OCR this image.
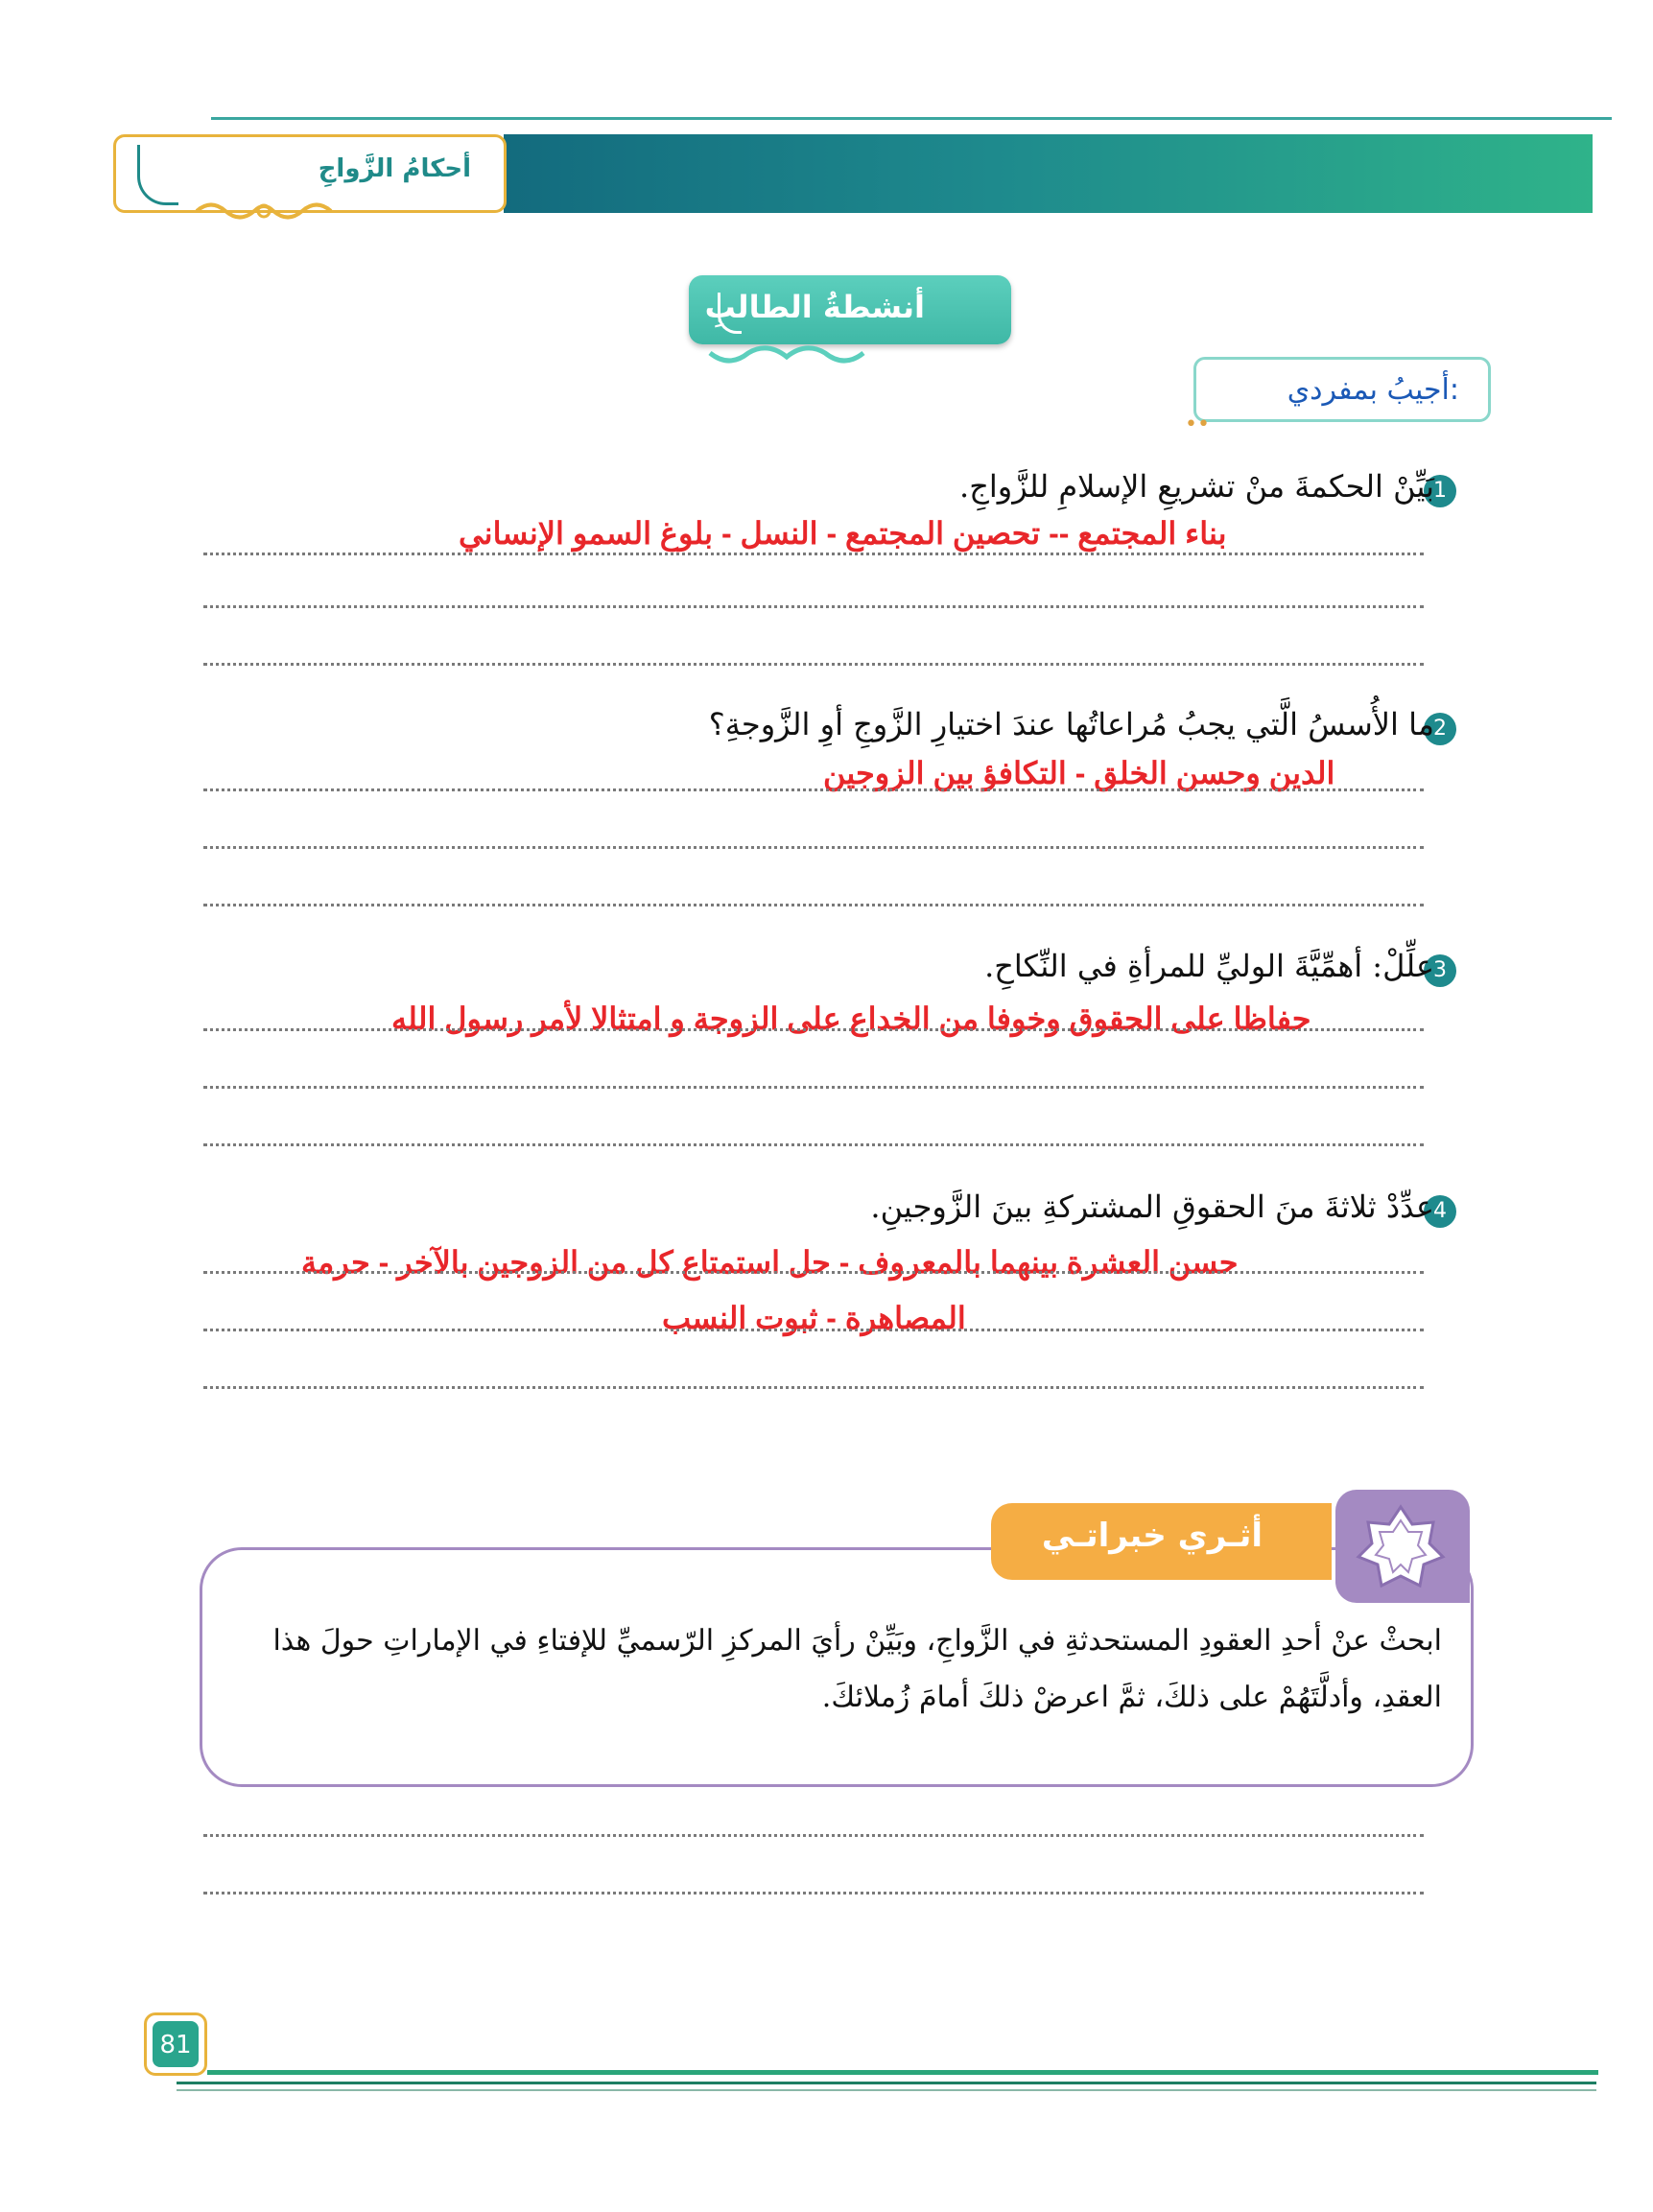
أحكامُ الزَّواجِ
أنشطةُ الطالبِ
أجيبُ بمفردي:
••
1
بَيِّنْ الحكمةَ منْ تشريعِ الإسلامِ للزَّواجِ.
بناء المجتمع -- تحصين المجتمع - النسل - بلوغ السمو الإنساني
2
ما الأُسسُ الَّتي يجبُ مُراعاتُها عندَ اختيارِ الزَّوجِ أوِ الزَّوجةِ؟
الدين وحسن الخلق - التكافؤ بين الزوجين
3
علِّلْ: أهمِّيَّةَ الوليِّ للمرأةِ في النِّكاحِ.
حفاظا على الحقوق وخوفا من الخداع على الزوجة و امتثالا لأمر رسول الله
4
عدِّدْ ثلاثةَ منَ الحقوقِ المشتركةِ بينَ الزَّوجينِ.
حسن العشرة بينهما بالمعروف - حل استمتاع كل من الزوجين بالآخر - حرمة
المصاهرة - ثبوت النسب
ابحثْ عنْ أحدِ العقودِ المستحدثةِ في الزَّواجِ، وبَيِّنْ رأيَ المركزِ الرّسميِّ للإفتاءِ في الإماراتِ حولَ هذا
العقدِ، وأدلَّتَهُمْ على ذلكَ، ثمَّ اعرضْ ذلكَ أمامَ زُملائكَ.
أثـري خبراتـي
81
